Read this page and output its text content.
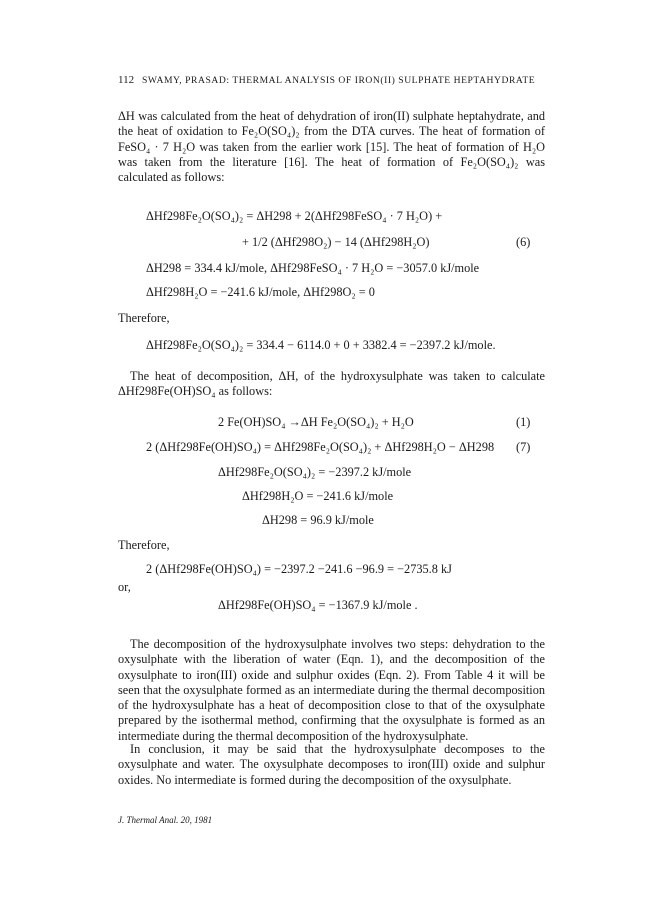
112 SWAMY, PRASAD: THERMAL ANALYSIS OF IRON(II) SULPHATE HEPTAHYDRATE
ΔH was calculated from the heat of dehydration of iron(II) sulphate heptahydrate, and the heat of oxidation to Fe₂O(SO₄)₂ from the DTA curves. The heat of formation of FeSO₄ · 7 H₂O was taken from the earlier work [15]. The heat of formation of H₂O was taken from the literature [16]. The heat of formation of Fe₂O(SO₄)₂ was calculated as follows:
ΔHf298Fe₂O(SO₄)₂ = ΔH298 + 2(ΔHf298FeSO₄ · 7 H₂O) +
+ 1/2 (ΔHf298O₂) − 14 (ΔHf298H₂O)	(6)
ΔH298 = 334.4 kJ/mole, ΔHf298FeSO₄ · 7 H₂O = −3057.0 kJ/mole
ΔHf298H₂O = −241.6 kJ/mole, ΔHf298O₂ = 0
Therefore,
ΔHf298Fe₂O(SO₄)₂ = 334.4 − 6114.0 + 0 + 3382.4 = −2397.2 kJ/mole.
The heat of decomposition, ΔH, of the hydroxysulphate was taken to calculate ΔHf298Fe(OH)SO₄ as follows:
2 Fe(OH)SO₄ →ΔH Fe₂O(SO₄)₂ + H₂O	(1)
2 (ΔHf298Fe(OH)SO₄) = ΔHf298Fe₂O(SO₄)₂ + ΔHf298H₂O − ΔH298 (7)
ΔHf298Fe₂O(SO₄)₂ = −2397.2 kJ/mole
ΔHf298H₂O = −241.6 kJ/mole
ΔH298 = 96.9 kJ/mole
Therefore,
2 (ΔHf298Fe(OH)SO₄) = −2397.2 −241.6 −96.9 = −2735.8 kJ
or,
ΔHf298Fe(OH)SO₄ = −1367.9 kJ/mole .
The decomposition of the hydroxysulphate involves two steps: dehydration to the oxysulphate with the liberation of water (Eqn. 1), and the decomposition of the oxysulphate to iron(III) oxide and sulphur oxides (Eqn. 2). From Table 4 it will be seen that the oxysulphate formed as an intermediate during the thermal decomposition of the hydroxysulphate has a heat of decomposition close to that of the oxysulphate prepared by the isothermal method, confirming that the oxysulphate is formed as an intermediate during the thermal decomposition of the hydroxysulphate.
In conclusion, it may be said that the hydroxysulphate decomposes to the oxysulphate and water. The oxysulphate decomposes to iron(III) oxide and sulphur oxides. No intermediate is formed during the decomposition of the oxysulphate.
J. Thermal Anal. 20, 1981
